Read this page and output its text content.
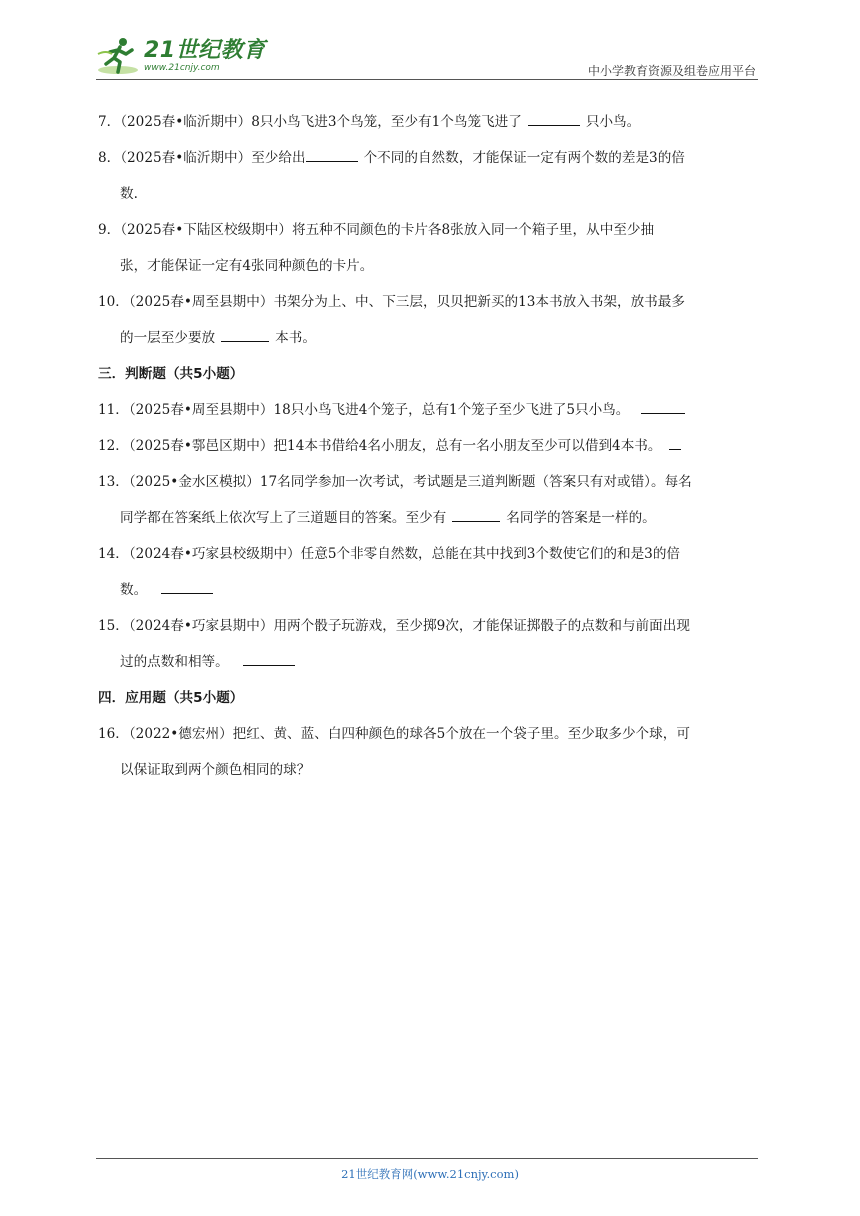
21世纪教育
www.21cnjy.com	中小学教育资源及组卷应用平台
7．（2025春•临沂期中）8只小鸟飞进3个鸟笼，至少有1个鸟笼飞进了	只小鸟。
8．（2025春•临沂期中）至少给出	个不同的自然数，才能保证一定有两个数的差是3的倍
数.
9．（2025春•下陆区校级期中）将五种不同颜色的卡片各8张放入同一个箱子里，从中至少抽
张，才能保证一定有4张同种颜色的卡片。
10．（2025春•周至县期中）书架分为上、中、下三层，贝贝把新买的13本书放入书架，放书最多
的一层至少要放	本书。
三．判断题（共5小题）
11．（2025春•周至县期中）18只小鸟飞进4个笼子，总有1个笼子至少飞进了5只小鸟。
12．（2025春•鄠邑区期中）把14本书借给4名小朋友，总有一名小朋友至少可以借到4本书。
13．（2025•金水区模拟）17名同学参加一次考试，考试题是三道判断题（答案只有对或错）。每名
同学都在答案纸上依次写上了三道题目的答案。至少有	名同学的答案是一样的。
14．（2024春•巧家县校级期中）任意5个非零自然数，总能在其中找到3个数使它们的和是3的倍
数。
15．（2024春•巧家县期中）用两个骰子玩游戏，至少掷9次，才能保证掷骰子的点数和与前面出现
过的点数和相等。
四．应用题（共5小题）
16．（2022•德宏州）把红、黄、蓝、白四种颜色的球各5个放在一个袋子里。至少取多少个球，可
以保证取到两个颜色相同的球？
21世纪教育网(www.21cnjy.com)
